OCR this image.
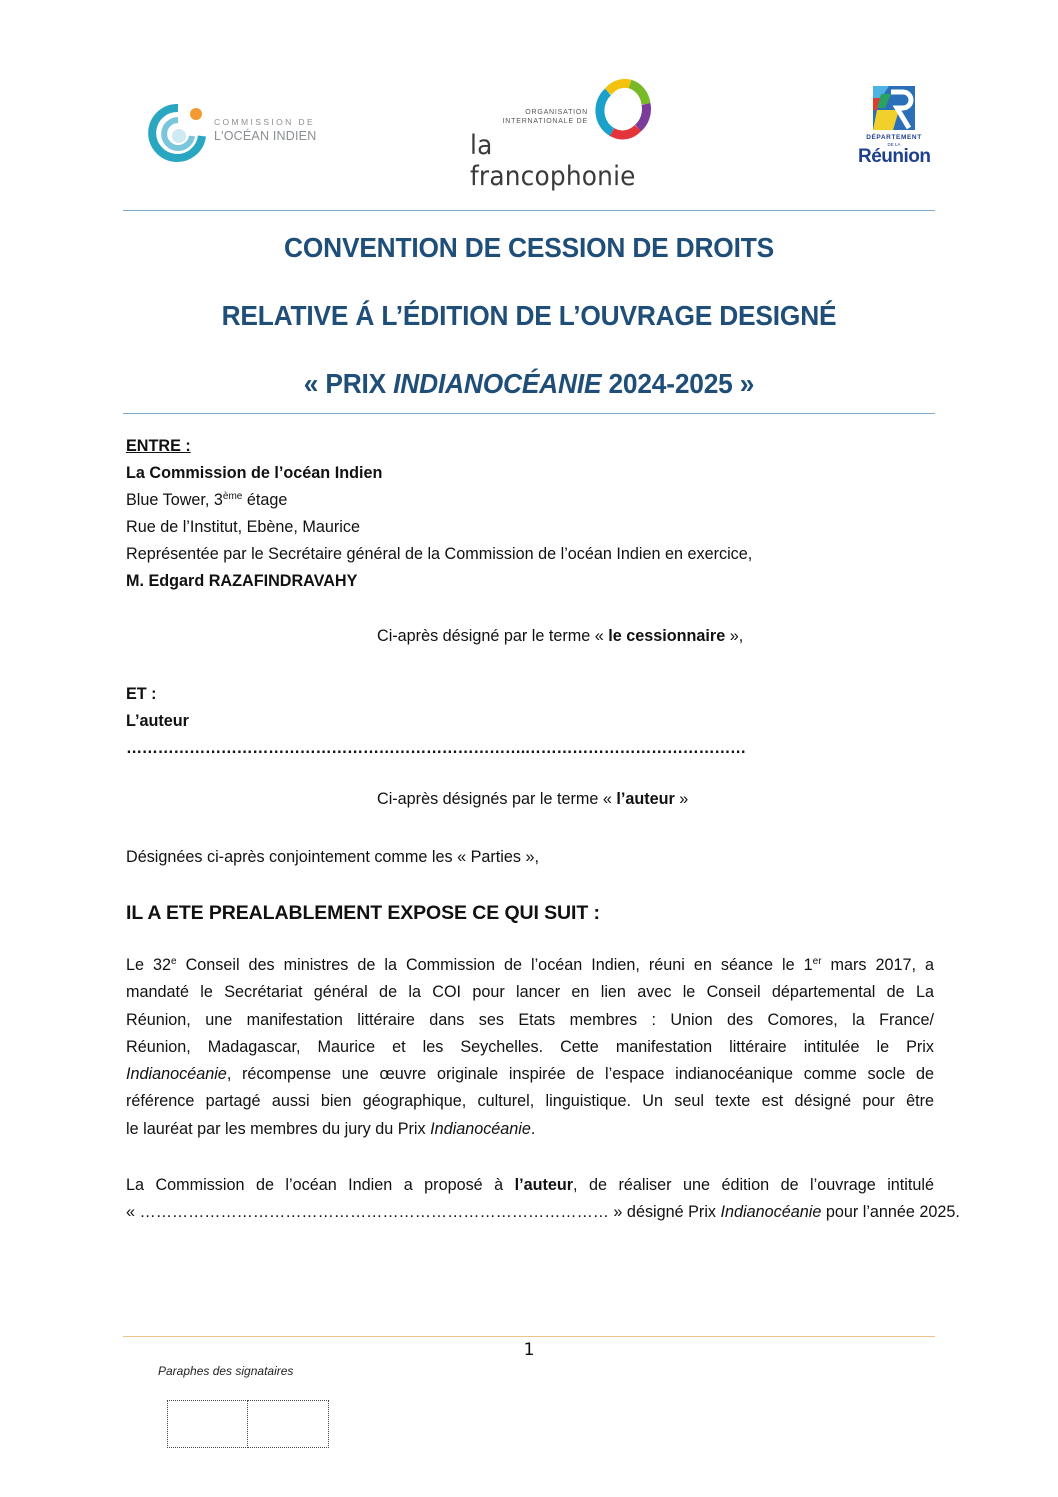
COMMISSION DE
L'OCÉAN INDIEN
ORGANISATION
INTERNATIONALE DE
la francophonie
DÉPARTEMENT
DE LA
Réunion
CONVENTION DE CESSION DE DROITS
RELATIVE Á L’ÉDITION DE L’OUVRAGE DESIGNÉ
« PRIX INDIANOCÉANIE 2024-2025 »
ENTRE :
La Commission de l’océan Indien
Blue Tower, 3ème étage
Rue de l’Institut, Ebène, Maurice
Représentée par le Secrétaire général de la Commission de l’océan Indien en exercice,
M. Edgard RAZAFINDRAVAHY
Ci-après désigné par le terme « le cessionnaire »,
ET :
L’auteur
………………………………………………………………….……………………………………
Ci-après désignés par le terme « l’auteur »
Désignées ci-après conjointement comme les « Parties »,
IL A ETE PREALABLEMENT EXPOSE CE QUI SUIT :
Le 32e Conseil des ministres de la Commission de l’océan Indien, réuni en séance le 1er mars 2017, a
mandaté le Secrétariat général de la COI pour lancer en lien avec le Conseil départemental de La
Réunion, une manifestation littéraire dans ses Etats membres : Union des Comores, la France/
Réunion, Madagascar, Maurice et les Seychelles. Cette manifestation littéraire intitulée le Prix
Indianocéanie, récompense une œuvre originale inspirée de l’espace indianocéanique comme socle de
référence partagé aussi bien géographique, culturel, linguistique. Un seul texte est désigné pour être
le lauréat par les membres du jury du Prix Indianocéanie.
La Commission de l’océan Indien a proposé à l’auteur, de réaliser une édition de l’ouvrage intitulé
« …………………………………………………………………………… » désigné Prix Indianocéanie pour l’année 2025.
1
Paraphes des signataires
